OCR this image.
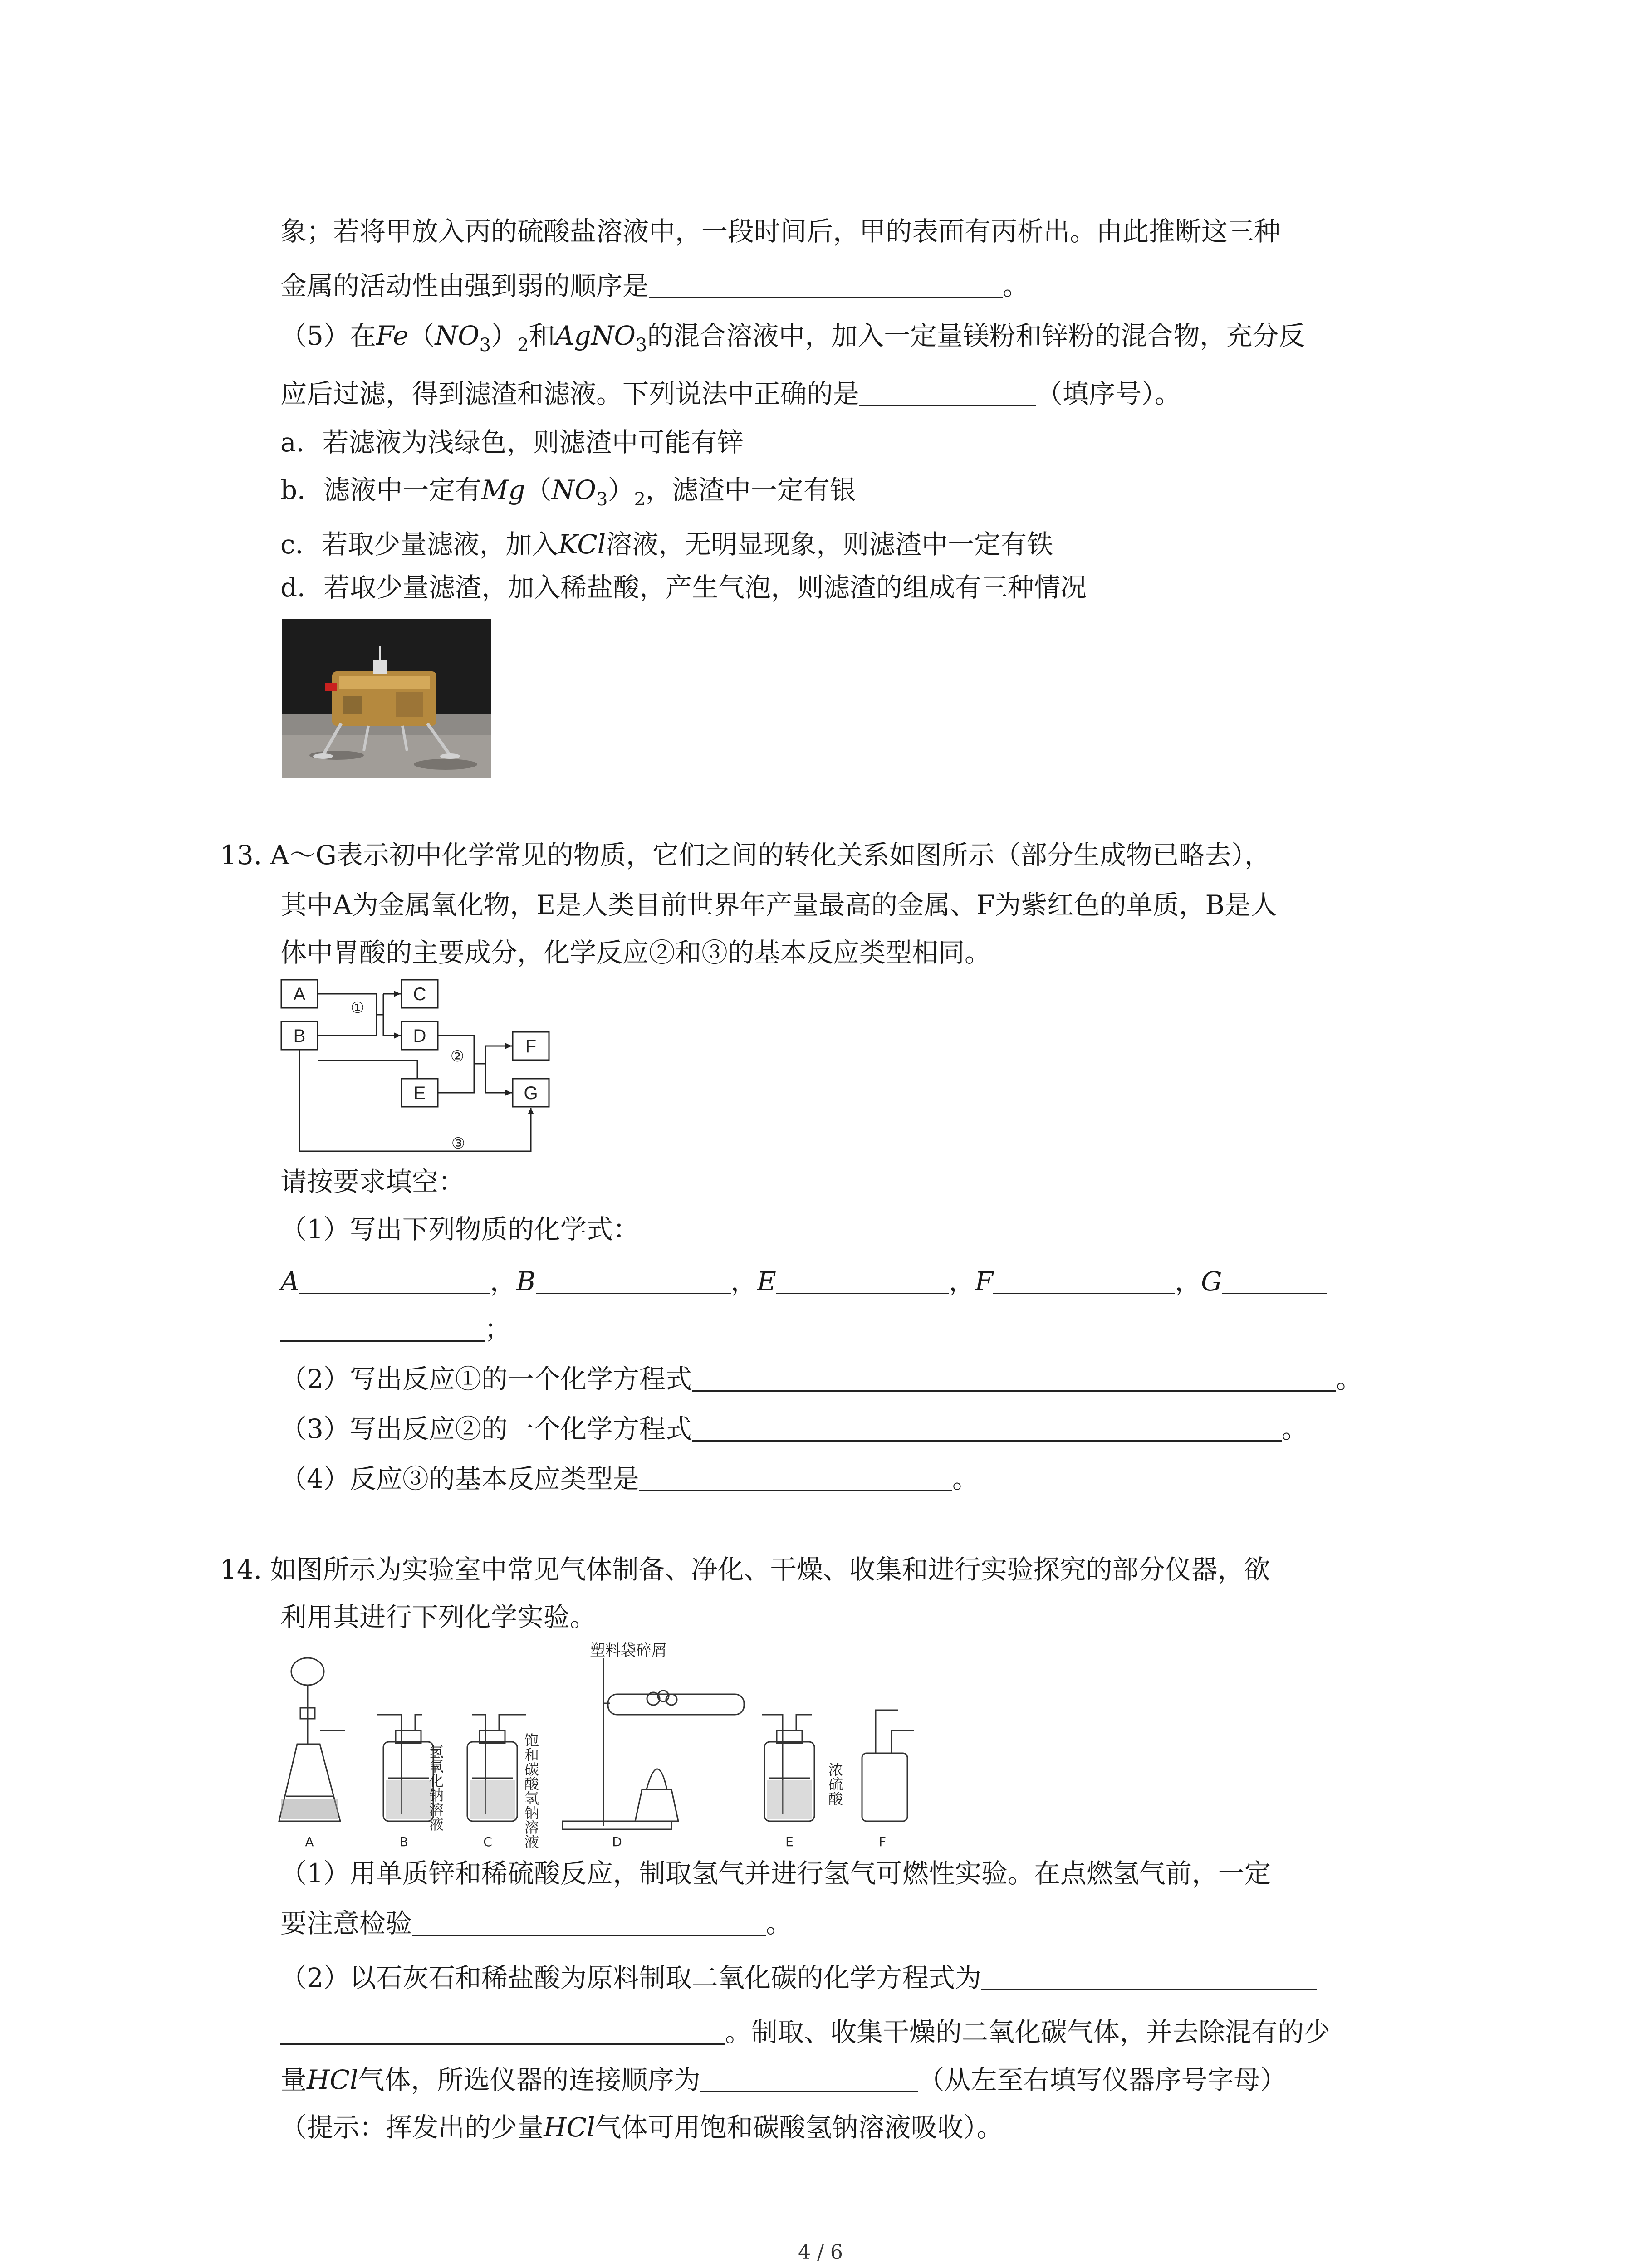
象；若将甲放入丙的硫酸盐溶液中，一段时间后，甲的表面有丙析出。由此推断这三种
金属的活动性由强到弱的顺序是	。
（5）在$Fe(NO_3)_2$和AgNO$_3$的混合溶液中，加入一定量镁粉和锌粉的混合物，充分反
应后过滤，得到滤渣和滤液。下列说法中正确的是	（填序号）。
a．若滤液为浅绿色，则滤渣中可能有锌
b．滤液中一定有$Mg(NO_3)_2$，滤渣中一定有银
c．若取少量滤液，加入KCl溶液，无明显现象，则滤渣中一定有铁
d．若取少量滤渣，加入稀盐酸，产生气泡，则滤渣的组成有三种情况
13. A～G表示初中化学常见的物质，它们之间的转化关系如图所示（部分生成物已略去），
其中A为金属氧化物，E是人类目前世界年产量最高的金属、F为紫红色的单质，B是人
体中胃酸的主要成分，化学反应②和③的基本反应类型相同。
A
B
C
D
E
F
G
①
②
③
请按要求填空：
（1）写出下列物质的化学式：
A	，B	，E	，F	，G
；
（2）写出反应①的一个化学方程式	。
（3）写出反应②的一个化学方程式	。
（4）反应③的基本反应类型是	。
14. 如图所示为实验室中常见气体制备、净化、干燥、收集和进行实验探究的部分仪器，欲
利用其进行下列化学实验。
塑料袋碎屑
氢氧化钠溶液	饱和碳酸氢钠溶液	浓硫酸
A	B	C	D	E	F
（1）用单质锌和稀硫酸反应，制取氢气并进行氢气可燃性实验。在点燃氢气前，一定
要注意检验	。
（2）以石灰石和稀盐酸为原料制取二氧化碳的化学方程式为
。制取、收集干燥的二氧化碳气体，并去除混有的少
量HCl气体，所选仪器的连接顺序为	（从左至右填写仪器序号字母）
（提示：挥发出的少量HCl气体可用饱和碳酸氢钠溶液吸收）。
4 / 6
